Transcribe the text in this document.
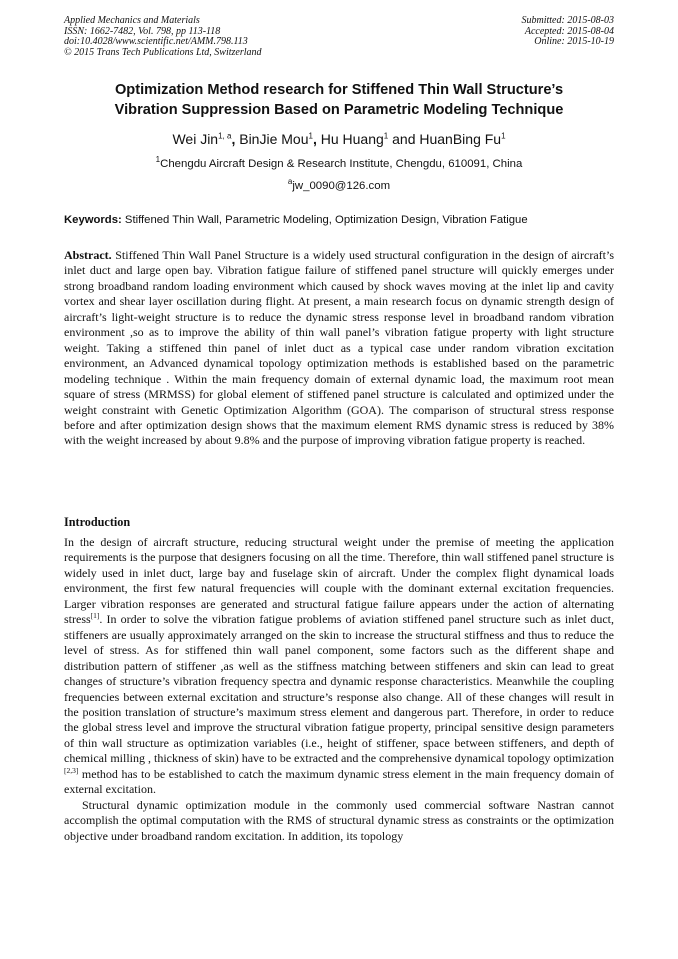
Applied Mechanics and Materials
ISSN: 1662-7482, Vol. 798, pp 113-118
doi:10.4028/www.scientific.net/AMM.798.113
© 2015 Trans Tech Publications Ltd, Switzerland
Submitted: 2015-08-03
Accepted: 2015-08-04
Online: 2015-10-19
Optimization Method research for Stiffened Thin Wall Structure’s
Vibration Suppression Based on Parametric Modeling Technique
Wei Jin$^{1, a}$, BinJie Mou$^1$, Hu Huang$^1$ and HuanBing Fu$^1$
$^1$Chengdu Aircraft Design & Research Institute, Chengdu, 610091, China
$^a$jw_0090@126.com
Keywords: Stiffened Thin Wall, Parametric Modeling, Optimization Design, Vibration Fatigue

Abstract. Stiffened Thin Wall Panel Structure is a widely used structural configuration in the design of aircraft’s inlet duct and large open bay. Vibration fatigue failure of stiffened panel structure will quickly emerges under strong broadband random loading environment which caused by shock waves moving at the inlet lip and cavity vortex and shear layer oscillation during flight. At present, a main research focus on dynamic strength design of aircraft’s light-weight structure is to reduce the dynamic stress response level in broadband random vibration environment ,so as to improve the ability of thin wall panel’s vibration fatigue property with light structure weight. Taking a stiffened thin panel of inlet duct as a typical case under random vibration excitation environment, an Advanced dynamical topology optimization methods is established based on the parametric modeling technique . Within the main frequency domain of external dynamic load, the maximum root mean square of stress (MRMSS) for global element of stiffened panel structure is calculated and optimized under the weight constraint with Genetic Optimization Algorithm (GOA). The comparison of structural stress response before and after optimization design shows that the maximum element RMS dynamic stress is reduced by 38% with the weight increased by about 9.8% and the purpose of improving vibration fatigue property is reached.

Introduction

In the design of aircraft structure, reducing structural weight under the premise of meeting the application requirements is the purpose that designers focusing on all the time. Therefore, thin wall stiffened panel structure is widely used in inlet duct, large bay and fuselage skin of aircraft. Under the complex flight dynamical loads environment, the first few natural frequencies will couple with the dominant external excitation frequencies. Larger vibration responses are generated and structural fatigue failure appears under the action of alternating stress[1]. In order to solve the vibration fatigue problems of aviation stiffened panel structure such as inlet duct, stiffeners are usually approximately arranged on the skin to increase the structural stiffness and thus to reduce the level of stress. As for stiffened thin wall panel component, some factors such as the different shape and distribution pattern of stiffener ,as well as the stiffness matching between stiffeners and skin can lead to great changes of structure’s vibration frequency spectra and dynamic response characteristics. Meanwhile the coupling frequencies between external excitation and structure’s response also change. All of these changes will result in the position translation of structure’s maximum stress element and dangerous part. Therefore, in order to reduce the global stress level and improve the structural vibration fatigue property, principal sensitive design parameters of thin wall structure as optimization variables (i.e., height of stiffener, space between stiffeners, and depth of chemical milling , thickness of skin) have to be extracted and the comprehensive dynamical topology optimization [2,3] method has to be established to catch the maximum dynamic stress element in the main frequency domain of external excitation.

Structural dynamic optimization module in the commonly used commercial software Nastran cannot accomplish the optimal computation with the RMS of structural dynamic stress as constraints or the optimization objective under broadband random excitation. In addition, its topology
